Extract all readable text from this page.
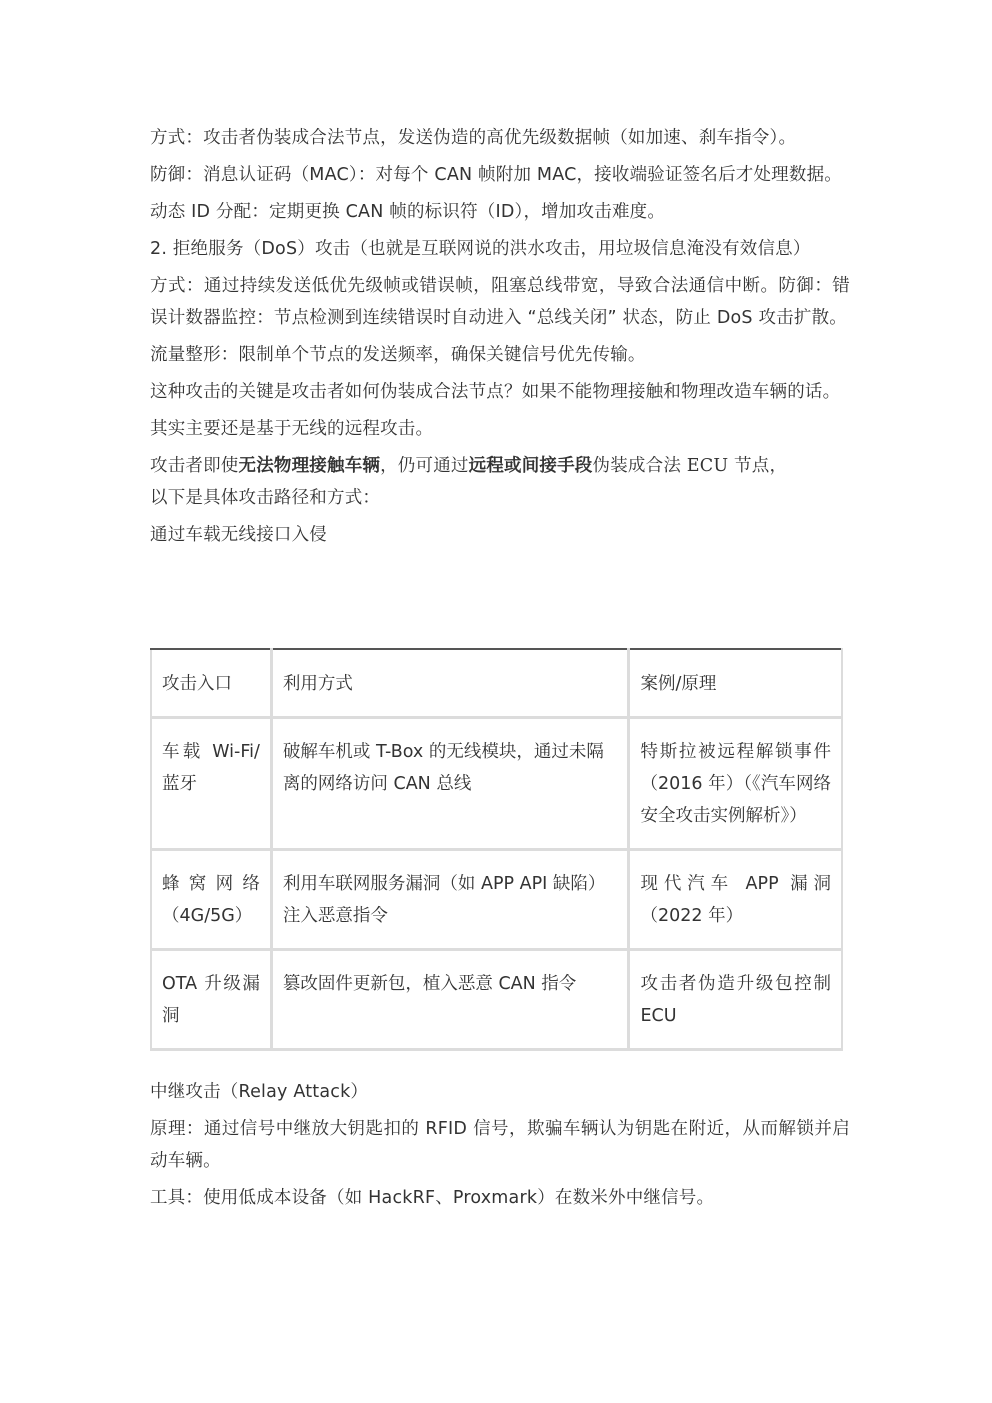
方式：攻击者伪装成合法节点，发送伪造的高优先级数据帧（如加速、刹车指令）。

防御：消息认证码（MAC）：对每个 CAN 帧附加 MAC，接收端验证签名后才处理数据。

动态 ID 分配：定期更换 CAN 帧的标识符（ID），增加攻击难度。

2. 拒绝服务（DoS）攻击（也就是互联网说的洪水攻击，用垃圾信息淹没有效信息）

方式：通过持续发送低优先级帧或错误帧，阻塞总线带宽，导致合法通信中断。防御：错误计数器监控：节点检测到连续错误时自动进入 “总线关闭” 状态，防止 DoS 攻击扩散。

流量整形：限制单个节点的发送频率，确保关键信号优先传输。

这种攻击的关键是攻击者如何伪装成合法节点？如果不能物理接触和物理改造车辆的话。

其实主要还是基于无线的远程攻击。

攻击者即使无法物理接触车辆，仍可通过远程或间接手段伪装成合法 ECU 节点，
以下是具体攻击路径和方式：

通过车载无线接口入侵

攻击入口	利用方式	案例/原理
车载 Wi-Fi/蓝牙	破解车机或 T-Box 的无线模块，通过未隔离的网络访问 CAN 总线	特斯拉被远程解锁事件（2016 年）（《汽车网络安全攻击实例解析》）
蜂窝网络（4G/5G）	利用车联网服务漏洞（如 APP API 缺陷）注入恶意指令	现代汽车 APP 漏洞（2022 年）
OTA 升级漏洞	篡改固件更新包，植入恶意 CAN 指令	攻击者伪造升级包控制 ECU

中继攻击（Relay Attack）

原理：通过信号中继放大钥匙扣的 RFID 信号，欺骗车辆认为钥匙在附近，从而解锁并启动车辆。

工具：使用低成本设备（如 HackRF、Proxmark）在数米外中继信号。
